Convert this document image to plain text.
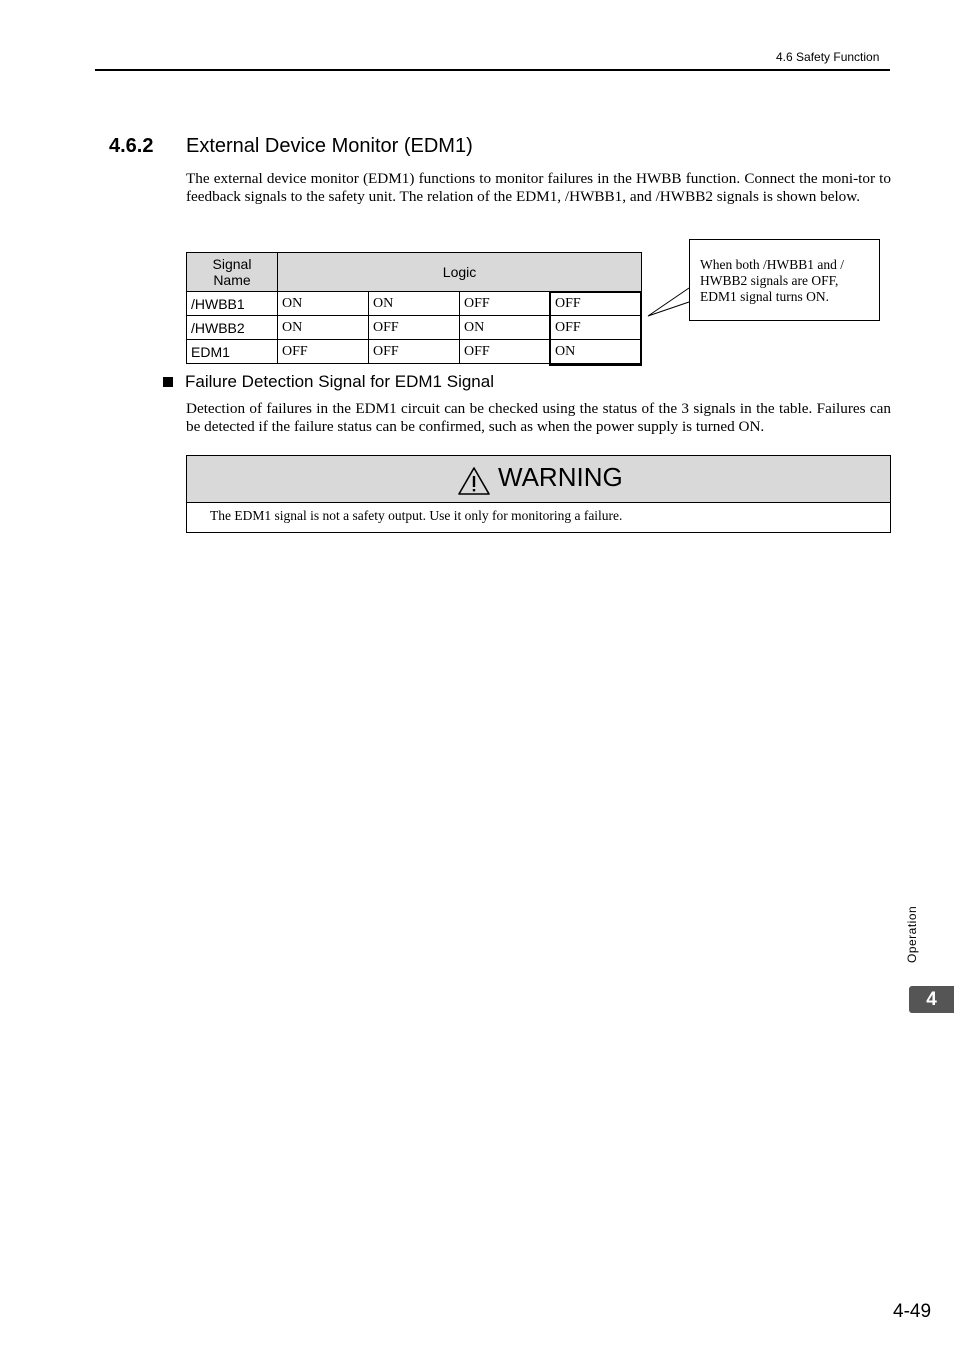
4.6 Safety Function
4.6.2 External Device Monitor (EDM1)
The external device monitor (EDM1) functions to monitor failures in the HWBB function. Connect the moni-tor to feedback signals to the safety unit. The relation of the EDM1, /HWBB1, and /HWBB2 signals is shown below.
Signal Name	Logic			
/HWBB1	ON	ON	OFF	OFF
/HWBB2	ON	OFF	ON	OFF
EDM1	OFF	OFF	OFF	ON
When both /HWBB1 and / HWBB2 signals are OFF, EDM1 signal turns ON.
Failure Detection Signal for EDM1 Signal
Detection of failures in the EDM1 circuit can be checked using the status of the 3 signals in the table. Failures can be detected if the failure status can be confirmed, such as when the power supply is turned ON.
WARNING
The EDM1 signal is not a safety output. Use it only for monitoring a failure.
Operation
4
4-49
